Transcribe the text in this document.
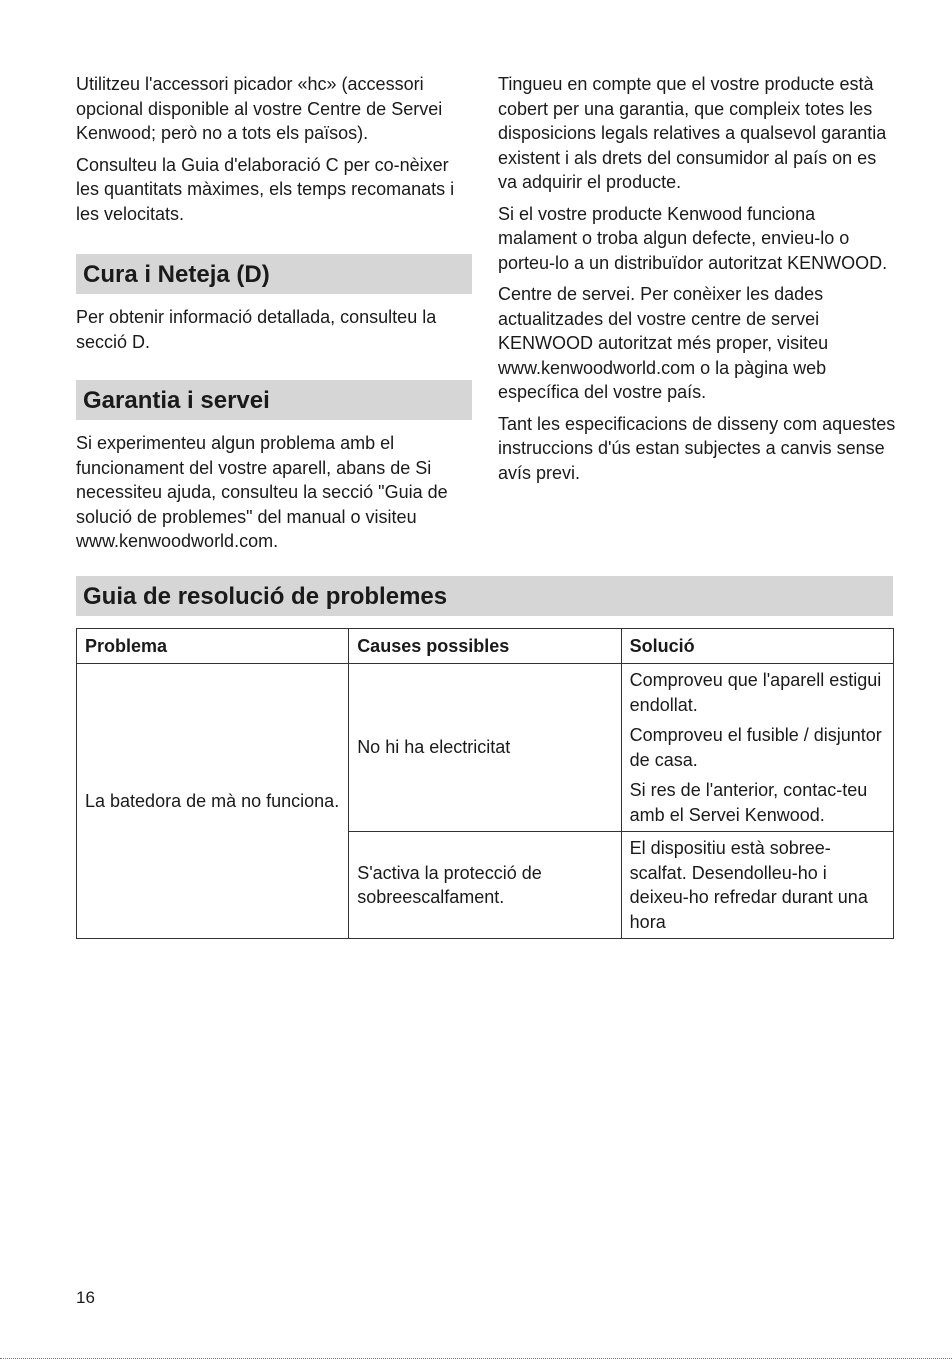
Utilitzeu l'accessori picador «hc» (accessori opcional disponible al vostre Centre de Servei Kenwood; però no a tots els països).

Consulteu la Guia d'elaboració C per co-nèixer les quantitats màximes, els temps recomanats i les velocitats.

Cura i Neteja (D)

Per obtenir informació detallada, consulteu la secció D.

Garantia i servei

Si experimenteu algun problema amb el funcionament del vostre aparell, abans de Si necessiteu ajuda, consulteu la secció "Guia de solució de problemes" del manual o visiteu www.kenwoodworld.com.

Tingueu en compte que el vostre producte està cobert per una garantia, que compleix totes les disposicions legals relatives a qualsevol garantia existent i als drets del consumidor al país on es va adquirir el producte.

Si el vostre producte Kenwood funciona malament o troba algun defecte, envieu-lo o porteu-lo a un distribuïdor autoritzat KENWOOD.

Centre de servei. Per conèixer les dades actualitzades del vostre centre de servei KENWOOD autoritzat més proper, visiteu www.kenwoodworld.com o la pàgina web específica del vostre país.

Tant les especificacions de disseny com aquestes instruccions d'ús estan subjectes a canvis sense avís previ.

Guia de resolució de problemes
Problema	Causes possibles	Solució
La batedora de mà no funciona.	No hi ha electricitat	Comproveu que l'aparell estigui endollat.

Comproveu el fusible / disjuntor de casa.

Si res de l'anterior, contac-teu amb el Servei Kenwood.

	S'activa la protecció de sobreescalfament.	El dispositiu està sobree-scalfat. Desendolleu-ho i deixeu-ho refredar durant una hora
16
